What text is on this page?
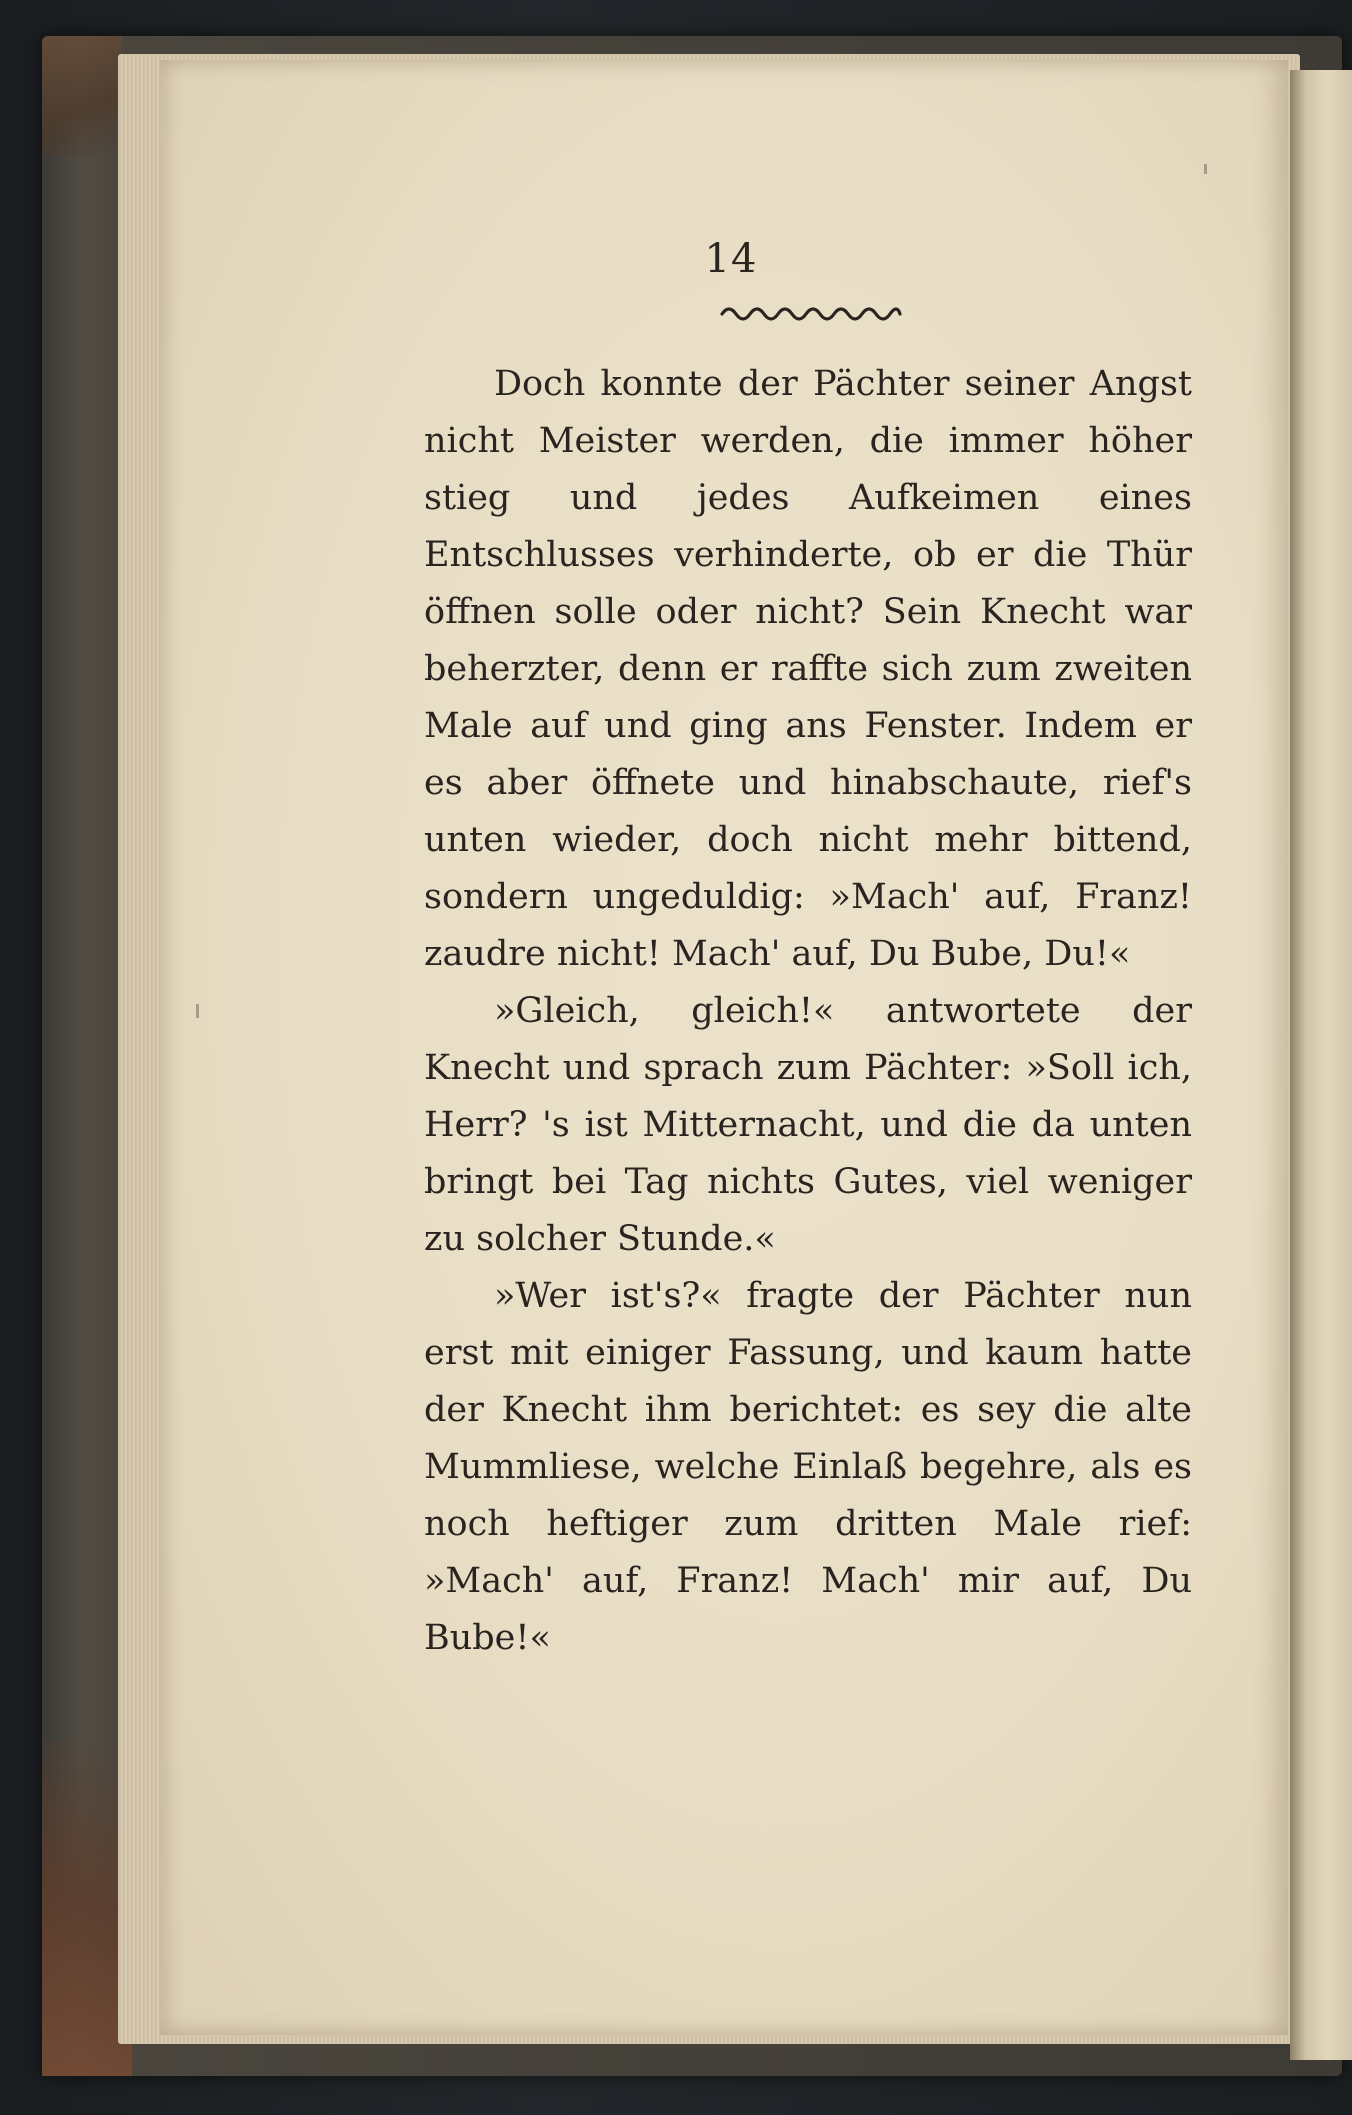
14

Doch konnte der Pächter seiner Angst nicht Meister werden, die immer höher stieg und jedes Aufkeimen eines Entschlusses verhinderte, ob er die Thür öffnen solle oder nicht? Sein Knecht war beherzter, denn er raffte sich zum zweiten Male auf und ging ans Fenster. Indem er es aber öffnete und hinabschaute, rief's unten wieder, doch nicht mehr bittend, sondern ungeduldig: »Mach' auf, Franz! zaudre nicht! Mach' auf, Du Bube, Du!«

»Gleich, gleich!« antwortete der Knecht und sprach zum Pächter: »Soll ich, Herr? 's ist Mitternacht, und die da unten bringt bei Tag nichts Gutes, viel weniger zu solcher Stunde.«

»Wer ist's?« fragte der Pächter nun erst mit einiger Fassung, und kaum hatte der Knecht ihm berichtet: es sey die alte Mummliese, welche Einlaß begehre, als es noch heftiger zum dritten Male rief: »Mach' auf, Franz! Mach' mir auf, Du Bube!«
